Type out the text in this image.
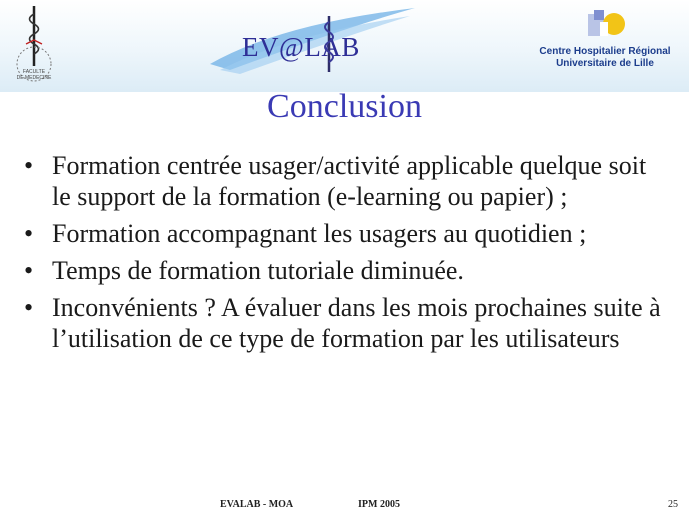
FACULTE
DE MEDECINE
EV@LAB	Centre Hospitalier Régional
Universitaire de Lille
Conclusion
• Formation centrée usager/activité applicable quelque soit le support de la formation (e-learning ou papier) ;
• Formation accompagnant les usagers au quotidien ;
• Temps de formation tutoriale diminuée.
• Inconvénients ? A évaluer dans les mois prochaines suite à l’utilisation de ce type de formation par les utilisateurs
EVALAB - MOA	IPM 2005	25
